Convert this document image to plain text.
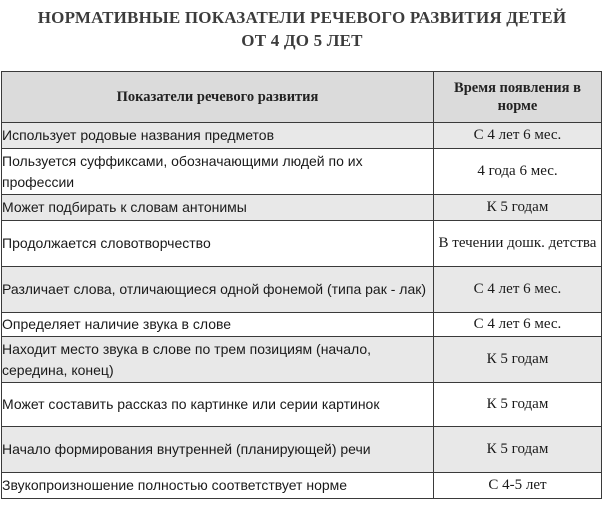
НОРМАТИВНЫЕ ПОКАЗАТЕЛИ РЕЧЕВОГО РАЗВИТИЯ ДЕТЕЙ
ОТ 4 ДО 5 ЛЕТ
Показатели речевого развития	Время появления в
норме
Использует родовые названия предметов	С 4 лет 6 мес.
Пользуется суффиксами, обозначающими людей по их профессии	4 года 6 мес.
Может подбирать к словам антонимы	К 5 годам
Продолжается словотворчество	В течении дошк. детства
Различает слова, отличающиеся одной фонемой (типа рак - лак)	С 4 лет 6 мес.
Определяет наличие звука в слове	С 4 лет 6 мес.
Находит место звука в слове по трем позициям (начало, середина, конец)	К 5 годам
Может составить рассказ по картинке или серии картинок	К 5 годам
Начало формирования внутренней (планирующей) речи	К 5 годам
Звукопроизношение полностью соответствует норме	С 4-5 лет
